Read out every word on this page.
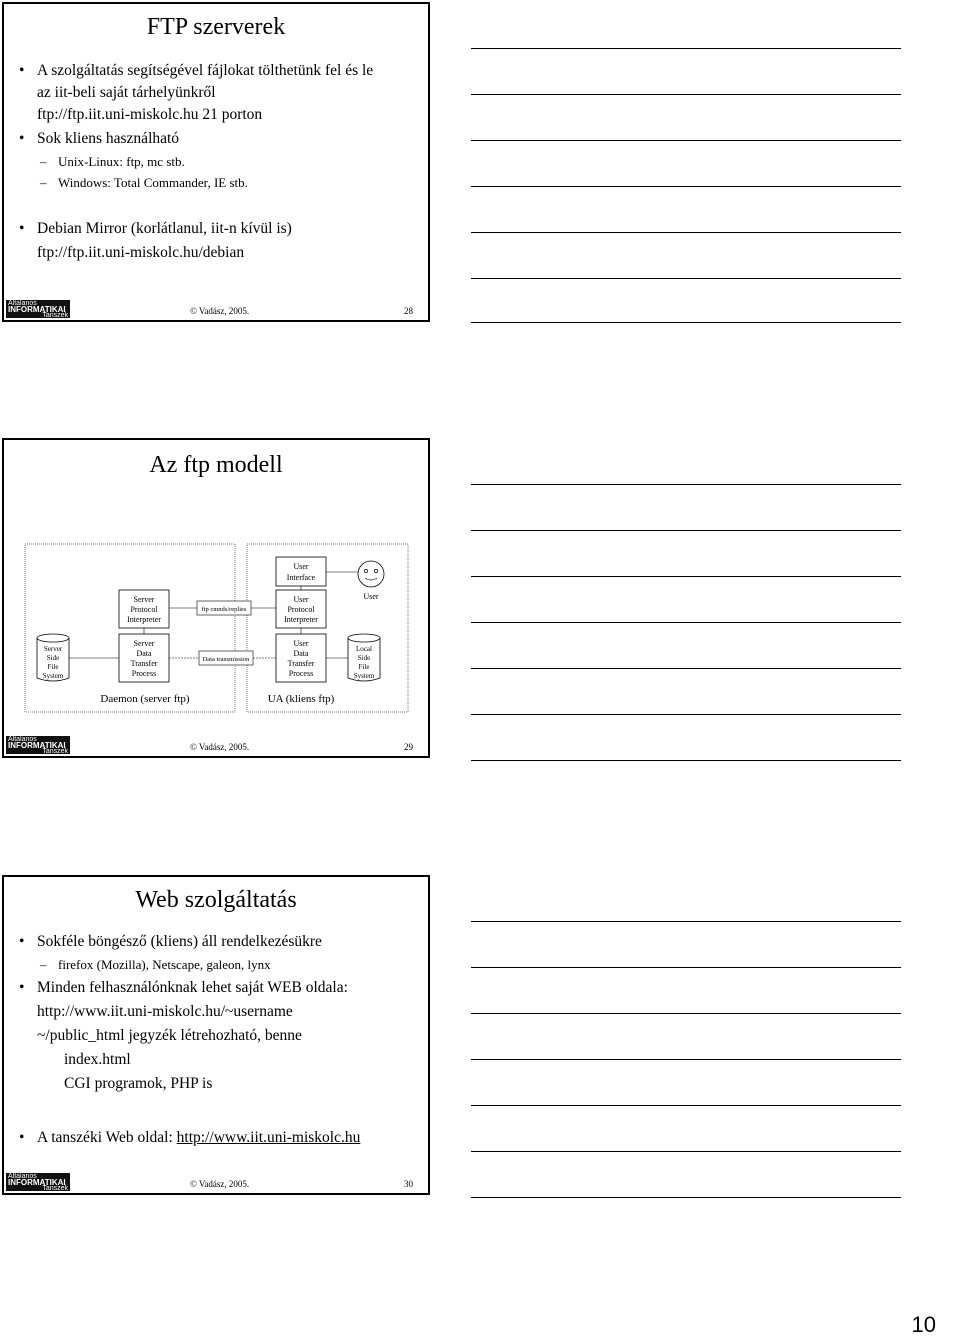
FTP szerverek
• A szolgáltatás segítségével fájlokat tölthetünk fel és le
az iit-beli saját tárhelyünkről
ftp://ftp.iit.uni-miskolc.hu 21 porton
• Sok kliens használható
– Unix-Linux: ftp, mc stb.
– Windows: Total Commander, IE stb.
• Debian Mirror (korlátlanul, iit-n kívül is)
ftp://ftp.iit.uni-miskolc.hu/debian
Altalanos
INFORMATIKAI
Tanszek	© Vadász, 2005.	28
Az ftp modell
User Interface
User
Server Protocol Interpreter
ftp cmnds/replies
User Protocol Interpreter
Server Side File System
Server Data Transfer Process
Data transmission
User Data Transfer Process
Local Side File System
Daemon (server ftp)	UA (kliens ftp)
Altalanos
INFORMATIKAI
Tanszek	© Vadász, 2005.	29
Web szolgáltatás
• Sokféle böngésző (kliens) áll rendelkezésükre
– firefox (Mozilla), Netscape, galeon, lynx
• Minden felhasználónknak lehet saját WEB oldala:
http://www.iit.uni-miskolc.hu/~username
~/public_html jegyzék létrehozható, benne
index.html
CGI programok, PHP is
• A tanszéki Web oldal: http://www.iit.uni-miskolc.hu
Altalanos
INFORMATIKAI
Tanszek	© Vadász, 2005.	30
10
